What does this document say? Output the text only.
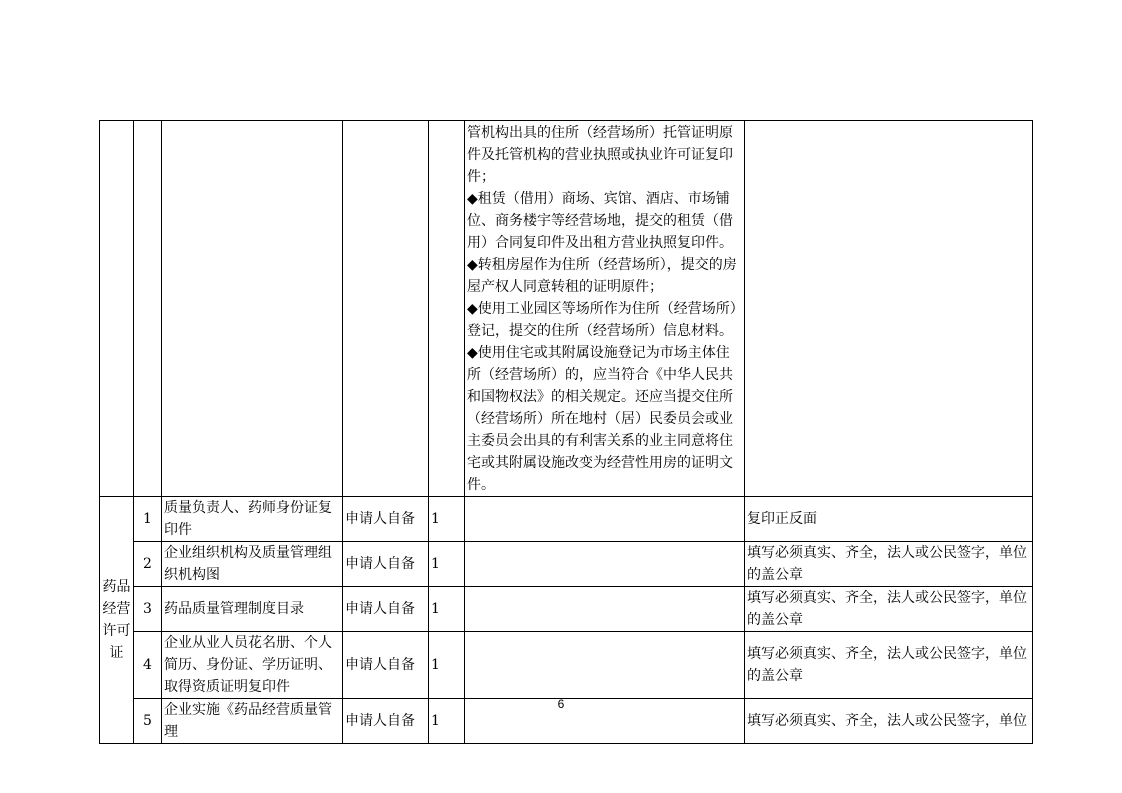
					管机构出具的住所（经营场所）托管证明原件及托管机构的营业执照或执业许可证复印件；
◆租赁（借用）商场、宾馆、酒店、市场铺位、商务楼宇等经营场地，提交的租赁（借用）合同复印件及出租方营业执照复印件。
◆转租房屋作为住所（经营场所），提交的房屋产权人同意转租的证明原件；
◆使用工业园区等场所作为住所（经营场所）登记，提交的住所（经营场所）信息材料。
◆使用住宅或其附属设施登记为市场主体住所（经营场所）的，应当符合《中华人民共和国物权法》的相关规定。还应当提交住所（经营场所）所在地村（居）民委员会或业主委员会出具的有利害关系的业主同意将住宅或其附属设施改变为经营性用房的证明文件。	

药品经营许可证	1	质量负责人、药师身份证复印件	申请人自备	1		复印正反面
	2	企业组织机构及质量管理组织机构图	申请人自备	1		填写必须真实、齐全，法人或公民签字，单位的盖公章
	3	药品质量管理制度目录	申请人自备	1		填写必须真实、齐全，法人或公民签字，单位的盖公章
	4	企业从业人员花名册、个人简历、身份证、学历证明、取得资质证明复印件	申请人自备	1		填写必须真实、齐全，法人或公民签字，单位的盖公章
	5	企业实施《药品经营质量管理	申请人自备	1		填写必须真实、齐全，法人或公民签字，单位
6
